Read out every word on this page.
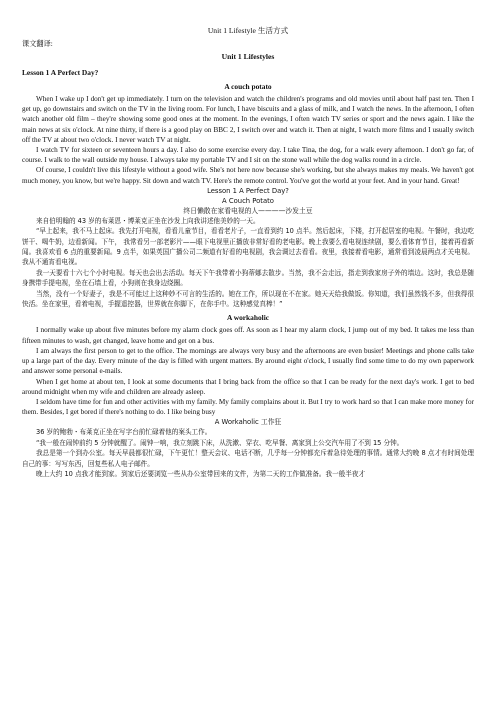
Unit 1 Lifestyle 生活方式
课文翻译:
Unit 1 Lifestyles
Lesson 1 A Perfect Day?
A couch potato

When I wake up I don't get up immediately. I turn on the television and watch the children's programs and old movies until about half past ten. Then I get up, go downstairs and switch on the TV in the living room. For lunch, I have biscuits and a glass of milk, and I watch the news. In the afternoon, I often watch another old film – they're showing some good ones at the moment. In the evenings, I often watch TV series or sport and the news again. I like the main news at six o'clock. At nine thirty, if there is a good play on BBC 2, I switch over and watch it. Then at night, I watch more films and I usually switch off the TV at about two o'clock. I never watch TV at night.

I watch TV for sixteen or seventeen hours a day. I also do some exercise every day. I take Tina, the dog, for a walk every afternoon. I don't go far, of course. I walk to the wall outside my house. I always take my portable TV and I sit on the stone wall while the dog walks round in a circle.

Of course, I couldn't live this lifestyle without a good wife. She's not here now because she's working, but she always makes my meals. We haven't got much money, you know, but we're happy. Sit down and watch TV. Here's the remote control. You've got the world at your feet. And in your hand. Great!

Lesson 1 A Perfect Day?
A Couch Potato
终日懒散在家看电视的人————沙发土豆

来自伯明翰的 43 岁的布莱恩・博莱克正坐在沙发上向我讲述他美妙的一天。

“早上起来，我不马上起床。我先打开电视，看看儿童节目，看看老片子，一直看到约 10 点半。然后起床，下楼，打开起居室的电视。午餐时，我边吃饼干、喝牛奶，边看新闻。下午， 我常看另一部老影片——眼下电视里正播放非常好看的老电影。晚上我要么看电视连续剧，要么看体育节目，接着再看新闻。我喜欢看 6 点的重要新闻。9 点半，如果英国广播公司二频道有好看的电视剧，我会调过去看看。夜里，我接着看电影，通常看到凌晨两点才关电视。我从不通宵看电视。

我一天要看十六七个小时电视。每天也会出去活动。每天下午我带着小狗蒂娜去散步。当然，我不会走远，指走到我家房子外的墙边。这时，我总是随身携带手提电视，坐在石墙上看，小狗则在我身边绕圈。

当然，没有一个好妻子，我是不可能过上这种妙不可言的生活的。她在工作，所以现在不在家。她天天给我做饭。你知道，我们虽然钱不多，但我得很快活。坐在家里，看着电视，手握遥控器，世界就在你脚下，在你手中。这种感觉真棒！”

A workaholic

I normally wake up about five minutes before my alarm clock goes off. As soon as I hear my alarm clock, I jump out of my bed. It takes me less than fifteen minutes to wash, get changed, leave home and get on a bus.

I am always the first person to get to the office. The mornings are always very busy and the afternoons are even busier! Meetings and phone calls take up a large part of the day. Every minute of the day is filled with urgent matters. By around eight o'clock, I usually find some time to do my own paperwork and answer some personal e-mails.

When I get home at about ten, I look at some documents that I bring back from the office so that I can be ready for the next day's work. I get to bed around midnight when my wife and children are already asleep.

I seldom have time for fun and other activities with my family. My family complains about it. But I try to work hard so that I can make more money for them. Besides, I get bored if there's nothing to do. I like being busy

A Workaholic 工作狂

36 岁的鲍勃・布莱克正坐在写字台前忙碌着他的案头工作。

“我一般在闹钟前约 5 分钟就醒了。闹钟一响，我立刻跳下床，从洗漱、穿衣、吃早餐、离家到上公交汽车用了不到 15 分钟。

我总是第一个到办公室。每天早晨都很忙碌，下午更忙！整天会议、电话不断，几乎每一分钟都充斥着急待处理的事情。通常大约晚 8 点才有时间处理自己的事：写写东西，回复些私人电子邮件。

晚上大约 10 点我才能到家。到家后还要浏览一些从办公室带回来的文件，为第二天的工作做准备。我一般半夜才
